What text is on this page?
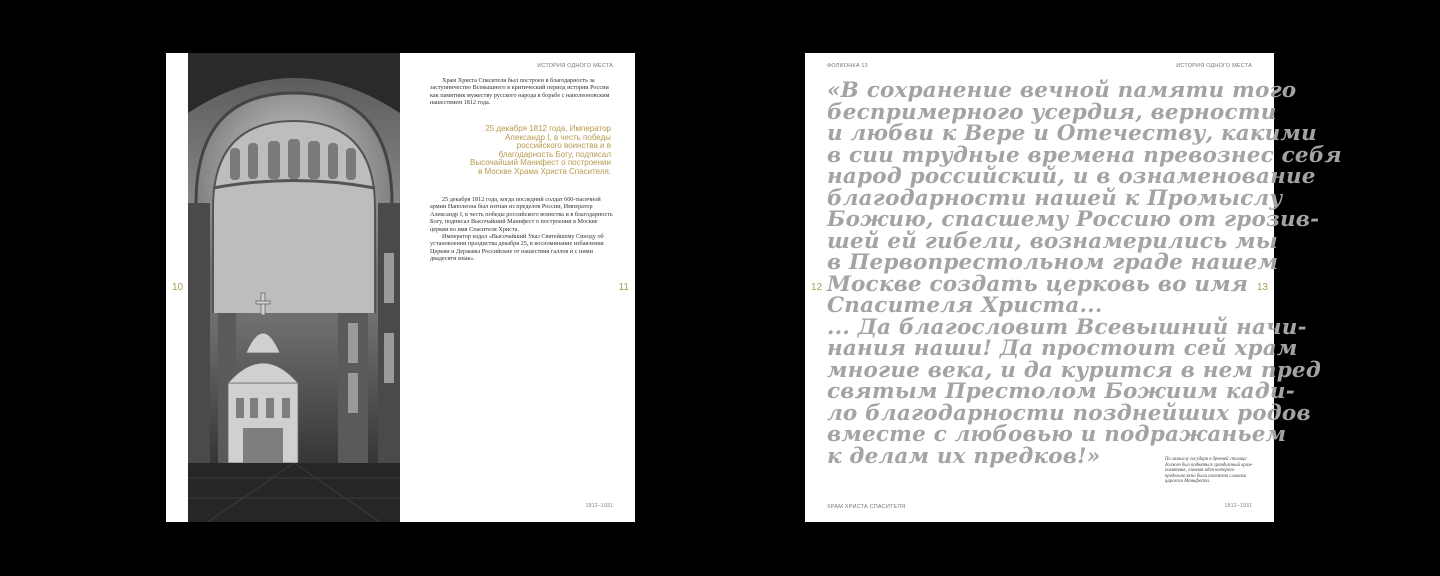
ИСТОРИЯ ОДНОГО МЕСТА

Храм Христа Спасителя был построен в благодарность за заступничество Всевышнего в критический период истории России как памятник мужеству русского народа в борьбе с наполеоновским нашествием 1812 года.

25 декабря 1812 года, Император Александр I, в честь победы российского воинства и в благодарность Богу, подписал Высочайший Манифест о построении в Москве Храма Христа Спасителя.

25 декабря 1812 года, когда последний солдат 600-тысячной армии Наполеона был изгнан из пределов России, Император Александр I, в честь победы российского воинства и в благодарность Богу, подписал Высочайший Манифест о построении в Москве церкви во имя Спасителя Христа.

Император издал «Высочайший Указ Святейшему Синоду об установлении праздиства декабря 25, в воспоминание избавления Церкви и Державы Российские от нашествия галлов и с ними двадесяти язык».

10	11
1812–1931
ФОЛИОНКА 13	ИСТОРИЯ ОДНОГО МЕСТА
«В сохранение вечной памяти того
беспримерного усердия, верности
и любви к Вере и Отечеству, какими
в сии трудные времена превознес себя
народ российский, и в ознаменование
благодарности нашей к Промыслу
Божию, спасшему Россию от грозив-
шей ей гибели, вознамерились мы
в Первопрестольном граде нашем
Москве создать церковь во имя
Спасителя Христа...
... Да благословит Всевышний начи-
нания наши! Да простоит сей храм
многие века, и да курится в нем пред
святым Престолом Божиим кади-
ло благодарности позднейших родов
вместе с любовью и подражаньем
к делам их предков!»	По замыслу государя в древней столице должен был подняться грандиозный храм-памятник, главная идея которого предельно ясно была изложена словами царского Манифеста.
12	13
ХРАМ ХРИСТА СПАСИТЕЛЯ	1812–1931
